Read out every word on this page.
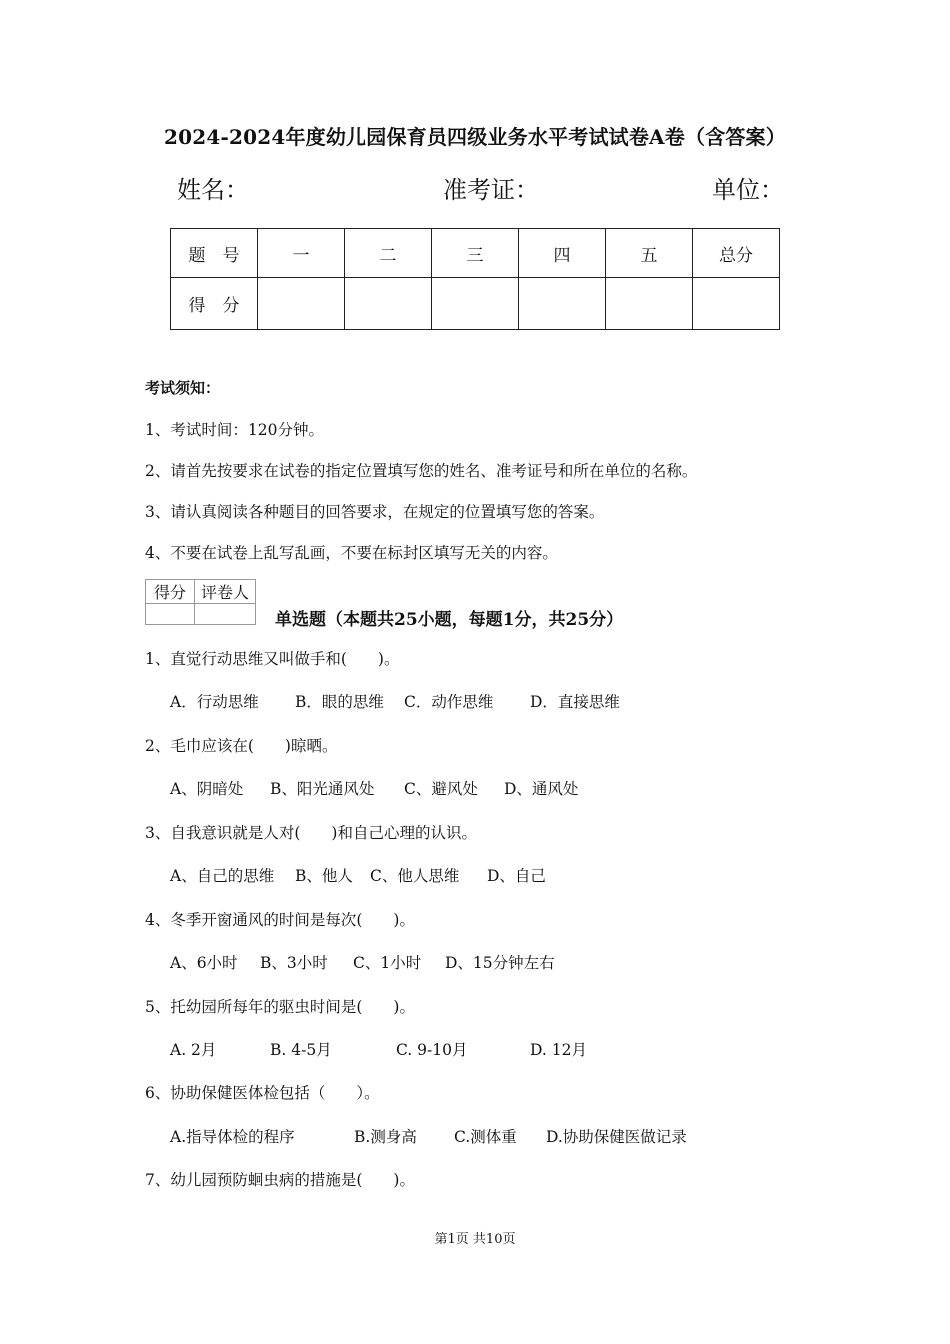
2024-2024年度幼儿园保育员四级业务水平考试试卷A卷（含答案）
姓名：	准考证：	单位：
题　号	一	二	三	四	五	总分
得　分						
考试须知：
1、考试时间：120分钟。
2、请首先按要求在试卷的指定位置填写您的姓名、准考证号和所在单位的名称。
3、请认真阅读各种题目的回答要求，在规定的位置填写您的答案。
4、不要在试卷上乱写乱画，不要在标封区填写无关的内容。
得分	评卷人

单选题（本题共25小题，每题1分，共25分）
1、直觉行动思维又叫做手和(　　)。
A．行动思维 B．眼的思维 C．动作思维 D．直接思维
2、毛巾应该在(　　)晾晒。
A、阴暗处 B、阳光通风处 C、避风处 D、通风处
3、自我意识就是人对(　　)和自己心理的认识。
A、自己的思维 B、他人 C、他人思维 D、自己
4、冬季开窗通风的时间是每次(　　)。
A、6小时 B、3小时 C、1小时 D、15分钟左右
5、托幼园所每年的驱虫时间是(　　)。
A. 2月	B. 4-5月	C. 9-10月	D. 12月
6、协助保健医体检包括（　　）。
A.指导体检的程序	B.测身高 C.测体重 D.协助保健医做记录
7、幼儿园预防蛔虫病的措施是(　　)。
第1页 共10页
